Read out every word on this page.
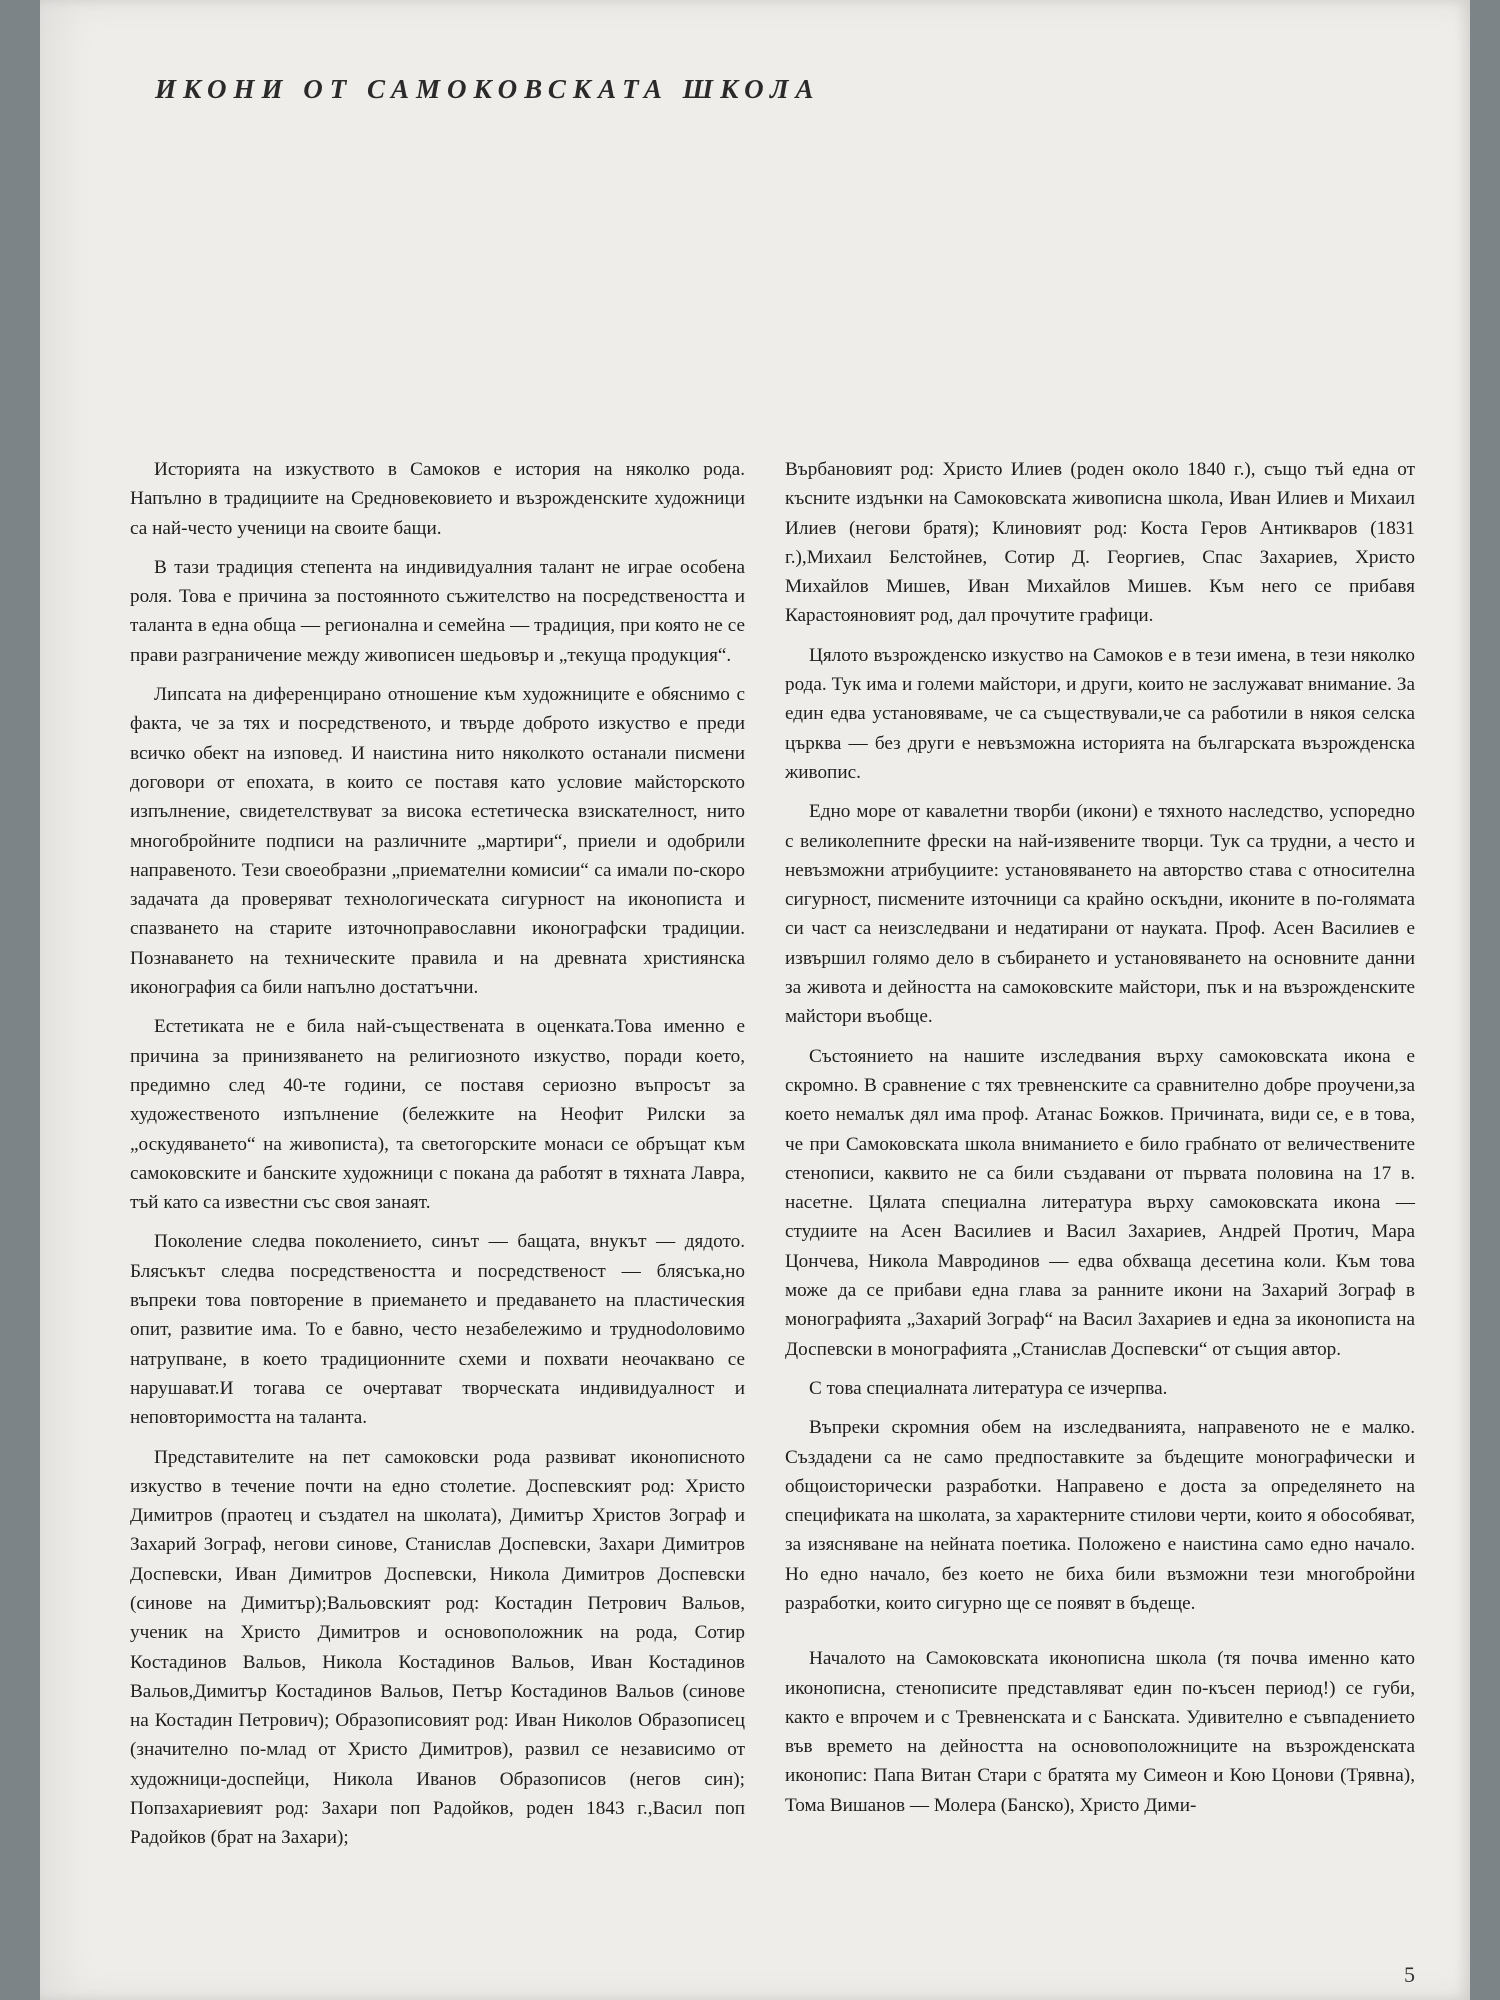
ИКОНИ ОТ САМОКОВСКАТА ШКОЛА

Историята на изкуството в Самоков е история на няколко рода. Напълно в традициите на Средновековието и възрожденските художници са най-често ученици на своите бащи.

В тази традиция степента на индивидуалния талант не играе особена роля. Това е причина за постоянното съжителство на посредствеността и таланта в една обща — регионална и семейна — традиция, при която не се прави разграничение между живописен шедьовър и „текуща продукция“.

Липсата на диференцирано отношение към художниците е обяснимо с факта, че за тях и посредственото, и твърде доброто изкуство е преди всичко обект на изповед. И наистина нито няколкото останали писмени договори от епохата, в които се поставя като условие майсторското изпълнение, свидетелствуват за висока естетическа взискателност, нито многобройните подписи на различните „мартири“, приели и одобрили направеното. Тези своеобразни „приемателни комисии“ са имали по-скоро задачата да проверяват технологическата сигурност на иконописта и спазването на старите източноправославни иконографски традиции. Познаването на техническите правила и на древната християнска иконография са били напълно достатъчни.

Естетиката не е била най-съществената в оценката.Това именно е причина за принизяването на религиозното изкуство, поради което, предимно след 40-те години, се поставя сериозно въпросът за художественото изпълнение (бележките на Неофит Рилски за „оскудяването“ на живописта), та светогорските монаси се обръщат към самоковските и банските художници с покана да работят в тяхната Лавра, тъй като са известни със своя занаят.

Поколение следва поколението, синът — бащата, внукът — дядото. Блясъкът следва посредствеността и посредственост — блясъка,но въпреки това повторение в приемането и предаването на пластическия опит, развитие има. То е бавно, често незабележимо и трудноdоловимо натрупване, в което традиционните схеми и похвати неочаквано се нарушават.И тогава се очертават творческата индивидуалност и неповторимостта на таланта.

Представителите на пет самоковски рода развиват иконописното изкуство в течение почти на едно столетие. Доспевският род: Христо Димитров (праотец и създател на школата), Димитър Христов Зограф и Захарий Зограф, негови синове, Станислав Доспевски, Захари Димитров Доспевски, Иван Димитров Доспевски, Никола Димитров Доспевски (синове на Димитър);Вальовският род: Костадин Петрович Вальов, ученик на Христо Димитров и основоположник на рода, Сотир Костадинов Вальов, Никола Костадинов Вальов, Иван Костадинов Вальов,Димитър Костадинов Вальов, Петър Костадинов Вальов (синове на Костадин Петрович); Образописовият род: Иван Николов Образописец (значително по-млад от Христо Димитров), развил се независимо от художници-доспейци, Никола Иванов Образописов (негов син); Попзахариевият род: Захари поп Радойков, роден 1843 г.,Васил поп Радойков (брат на Захари);

Върбановият род: Христо Илиев (роден около 1840 г.), също тъй една от късните издънки на Самоковската живописна школа, Иван Илиев и Михаил Илиев (негови братя); Клиновият род: Коста Геров Антикваров (1831 г.),Михаил Белстойнев, Сотир Д. Георгиев, Спас Захариев, Христо Михайлов Мишев, Иван Михайлов Мишев. Към него се прибавя Карастояновият род, дал прочутите графици.

Цялото възрожденско изкуство на Самоков е в тези имена, в тези няколко рода. Тук има и големи майстори, и други, които не заслужават внимание. За един едва установяваме, че са съществували,че са работили в някоя селска църква — без други е невъзможна историята на българската възрожденска живопис.

Едно море от кавалетни творби (икони) е тяхното наследство, успоредно с великолепните фрески на най-изявените творци. Тук са трудни, а често и невъзможни атрибуциите: установяването на авторство става с относителна сигурност, писмените източници са крайно оскъдни, иконите в по-голямата си част са неизследвани и недатирани от науката. Проф. Асен Василиев е извършил голямо дело в събирането и установяването на основните данни за живота и дейността на самоковските майстори, пък и на възрожденските майстори въобще.

Състоянието на нашите изследвания върху самоковската икона е скромно. В сравнение с тях тревненските са сравнително добре проучени,за което немалък дял има проф. Атанас Божков. Причината, види се, е в това, че при Самоковската школа вниманието е било грабнато от величествените стенописи, каквито не са били създавани от първата половина на 17 в. насетне. Цялата специална литература върху самоковската икона — студиите на Асен Василиев и Васил Захариев, Андрей Протич, Мара Цончева, Никола Мавродинов — едва обхваща десетина коли. Към това може да се прибави една глава за ранните икони на Захарий Зограф в монографията „Захарий Зограф“ на Васил Захариев и една за иконописта на Доспевски в монографията „Станислав Доспевски“ от същия автор.

С това специалната литература се изчерпва.

Въпреки скромния обем на изследванията, направеното не е малко. Създадени са не само предпоставките за бъдещите монографически и общоисторически разработки. Направено е доста за определянето на спецификата на школата, за характерните стилови черти, които я обособяват, за изясняване на нейната поетика. Положено е наистина само едно начало. Но едно начало, без което не биха били възможни тези многобройни разработки, които сигурно ще се появят в бъдеще.

Началото на Самоковската иконописна школа (тя почва именно като иконописна, стенописите представляват един по-късен период!) се губи, както е впрочем и с Тревненската и с Банската. Удивително е съвпадението във времето на дейността на основоположниците на възрожденската иконопис: Папа Витан Стари с братята му Симеон и Кою Цонови (Трявна), Тома Вишанов — Молера (Банско), Христо Дими-

5
